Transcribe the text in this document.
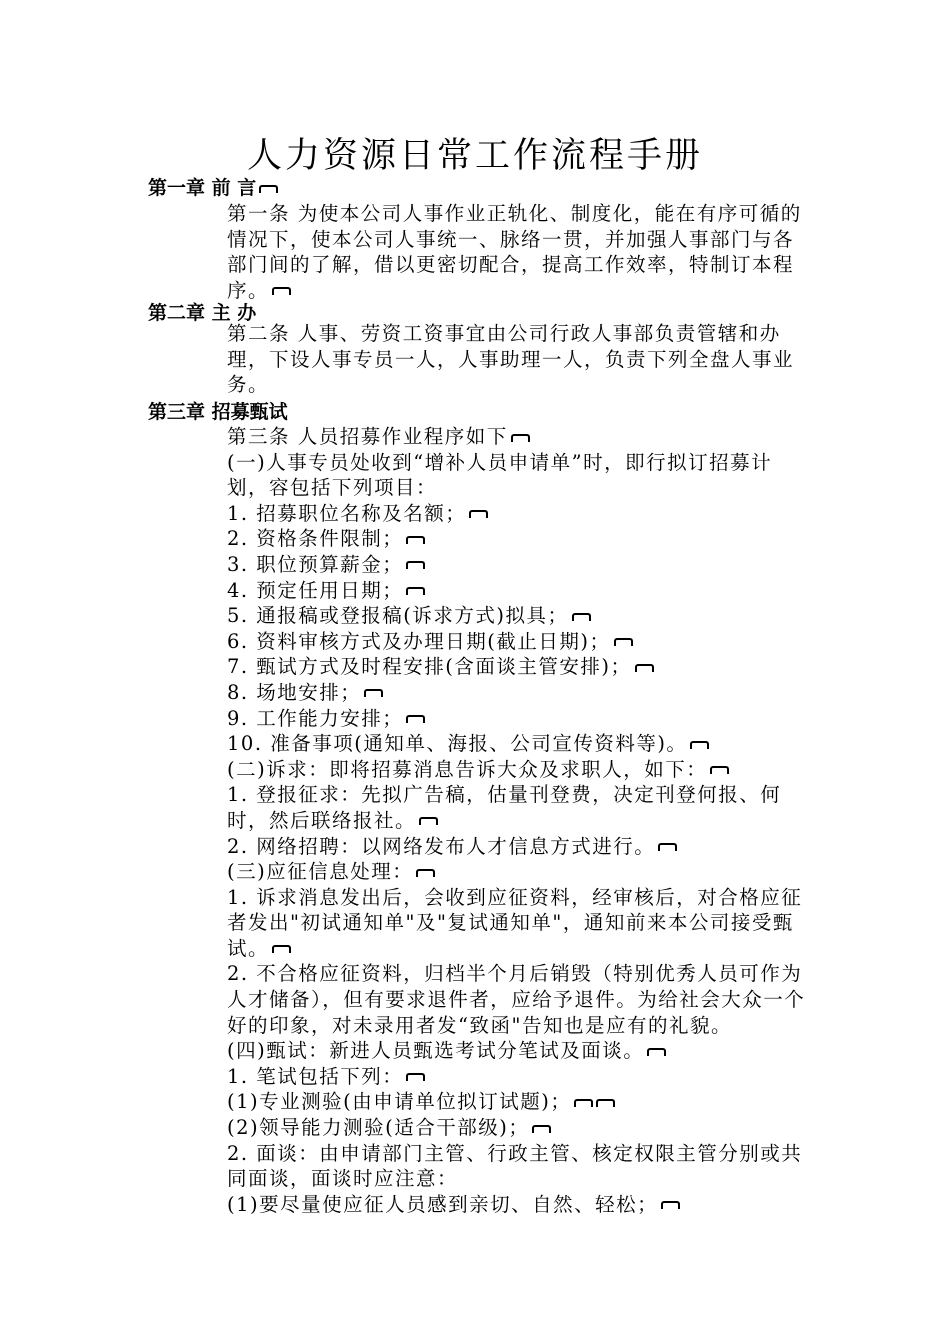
人力资源日常工作流程手册
第一章 前 言
第一条 为使本公司人事作业正轨化、制度化，能在有序可循的情况下，使本公司人事统一、脉络一贯，并加强人事部门与各部门间的了解，借以更密切配合，提高工作效率，特制订本程序。
第二章 主 办
第二条 人事、劳资工资事宜由公司行政人事部负责管辖和办理，下设人事专员一人，人事助理一人，负责下列全盘人事业务。
第三章 招募甄试
第三条 人员招募作业程序如下
(一)人事专员处收到“增补人员申请单”时，即行拟订招募计划，容包括下列项目：
1. 招募职位名称及名额；
2. 资格条件限制；
3. 职位预算薪金；
4. 预定任用日期；
5. 通报稿或登报稿(诉求方式)拟具；
6. 资料审核方式及办理日期(截止日期)；
7. 甄试方式及时程安排(含面谈主管安排)；
8. 场地安排；
9. 工作能力安排；
10. 准备事项(通知单、海报、公司宣传资料等)。
(二)诉求：即将招募消息告诉大众及求职人，如下：
1. 登报征求：先拟广告稿，估量刊登费，决定刊登何报、何时，然后联络报社。
2. 网络招聘：以网络发布人才信息方式进行。
(三)应征信息处理：
1. 诉求消息发出后，会收到应征资料，经审核后，对合格应征者发出"初试通知单"及"复试通知单"，通知前来本公司接受甄试。
2. 不合格应征资料，归档半个月后销毁（特别优秀人员可作为人才储备），但有要求退件者，应给予退件。为给社会大众一个好的印象，对未录用者发“致函"告知也是应有的礼貌。(四)甄试：新进人员甄选考试分笔试及面谈。
1. 笔试包括下列：
(1)专业测验(由申请单位拟订试题)；
(2)领导能力测验(适合干部级)；
2. 面谈：由申请部门主管、行政主管、核定权限主管分别或共同面谈，面谈时应注意：
(1)要尽量使应征人员感到亲切、自然、轻松；
